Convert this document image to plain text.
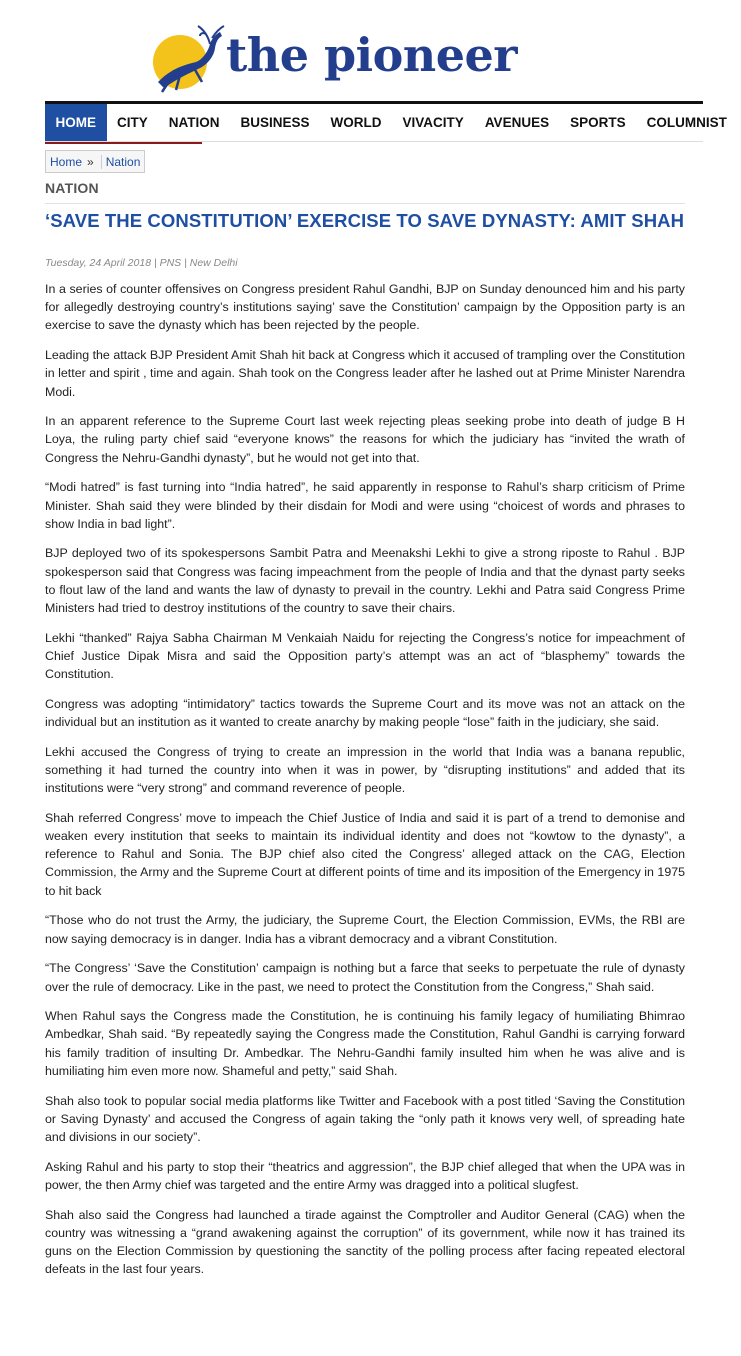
the pioneer
HOME	CITY	NATION	BUSINESS	WORLD	VIVACITY	AVENUES	SPORTS	COLUMNIST
Home »	Nation
NATION
‘SAVE THE CONSTITUTION’ EXERCISE TO SAVE DYNASTY: AMIT SHAH
Tuesday, 24 April 2018 | PNS | New Delhi

In a series of counter offensives on Congress president Rahul Gandhi, BJP on Sunday denounced him and his party for allegedly destroying country’s institutions saying’ save the Constitution’ campaign by the Opposition party is an exercise to save the dynasty which has been rejected by the people.

Leading the attack BJP President Amit Shah hit back at Congress which it accused of trampling over the Constitution in letter and spirit , time and again. Shah took on the Congress leader after he lashed out at Prime Minister Narendra Modi.

In an apparent reference to the Supreme Court last week rejecting pleas seeking probe into death of judge B H Loya, the ruling party chief said “everyone knows” the reasons for which the judiciary has “invited the wrath of Congress the Nehru-Gandhi dynasty”, but he would not get into that.

“Modi hatred” is fast turning into “India hatred”, he said apparently in response to Rahul’s sharp criticism of Prime Minister. Shah said they were blinded by their disdain for Modi and were using “choicest of words and phrases to show India in bad light”.

BJP deployed two of its spokespersons Sambit Patra and Meenakshi Lekhi to give a strong riposte to Rahul . BJP spokesperson said that Congress was facing impeachment from the people of India and that the dynast party seeks to flout law of the land and wants the law of dynasty to prevail in the country. Lekhi and Patra said Congress Prime Ministers had tried to destroy institutions of the country to save their chairs.

Lekhi “thanked” Rajya Sabha Chairman M Venkaiah Naidu for rejecting the Congress’s notice for impeachment of Chief Justice Dipak Misra and said the Opposition party’s attempt was an act of “blasphemy” towards the Constitution.

Congress was adopting “intimidatory” tactics towards the Supreme Court and its move was not an attack on the individual but an institution as it wanted to create anarchy by making people “lose” faith in the judiciary, she said.

Lekhi accused the Congress of trying to create an impression in the world that India was a banana republic, something it had turned the country into when it was in power, by “disrupting institutions” and added that its institutions were “very strong” and command reverence of people.

Shah referred Congress’ move to impeach the Chief Justice of India and said it is part of a trend to demonise and weaken every institution that seeks to maintain its individual identity and does not “kowtow to the dynasty”, a reference to Rahul and Sonia. The BJP chief also cited the Congress’ alleged attack on the CAG, Election Commission, the Army and the Supreme Court at different points of time and its imposition of the Emergency in 1975 to hit back

“Those who do not trust the Army, the judiciary, the Supreme Court, the Election Commission, EVMs, the RBI are now saying democracy is in danger. India has a vibrant democracy and a vibrant Constitution.

“The Congress’ ‘Save the Constitution’ campaign is nothing but a farce that seeks to perpetuate the rule of dynasty over the rule of democracy. Like in the past, we need to protect the Constitution from the Congress,” Shah said.

When Rahul says the Congress made the Constitution, he is continuing his family legacy of humiliating Bhimrao Ambedkar, Shah said. “By repeatedly saying the Congress made the Constitution, Rahul Gandhi is carrying forward his family tradition of insulting Dr. Ambedkar. The Nehru-Gandhi family insulted him when he was alive and is humiliating him even more now. Shameful and petty,” said Shah.

Shah also took to popular social media platforms like Twitter and Facebook with a post titled ‘Saving the Constitution or Saving Dynasty’ and accused the Congress of again taking the “only path it knows very well, of spreading hate and divisions in our society”.

Asking Rahul and his party to stop their “theatrics and aggression”, the BJP chief alleged that when the UPA was in power, the then Army chief was targeted and the entire Army was dragged into a political slugfest.

Shah also said the Congress had launched a tirade against the Comptroller and Auditor General (CAG) when the country was witnessing a “grand awakening against the corruption” of its government, while now it has trained its guns on the Election Commission by questioning the sanctity of the polling process after facing repeated electoral defeats in the last four years.
